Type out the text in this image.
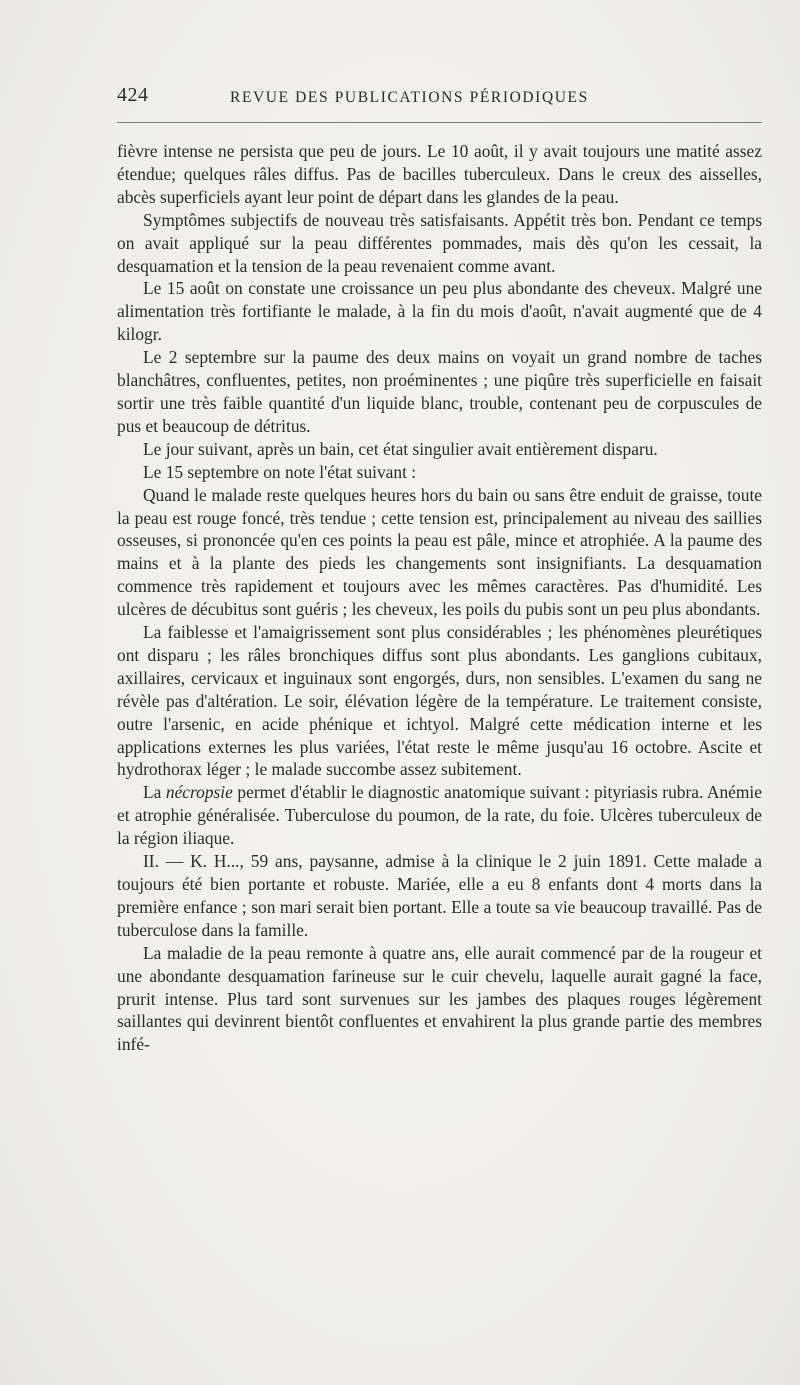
424	REVUE DES PUBLICATIONS PÉRIODIQUES

fièvre intense ne persista que peu de jours. Le 10 août, il y avait toujours une matité assez étendue; quelques râles diffus. Pas de bacilles tuberculeux. Dans le creux des aisselles, abcès superficiels ayant leur point de départ dans les glandes de la peau.

Symptômes subjectifs de nouveau très satisfaisants. Appétit très bon. Pendant ce temps on avait appliqué sur la peau différentes pommades, mais dès qu'on les cessait, la desquamation et la tension de la peau revenaient comme avant.

Le 15 août on constate une croissance un peu plus abondante des cheveux. Malgré une alimentation très fortifiante le malade, à la fin du mois d'août, n'avait augmenté que de 4 kilogr.

Le 2 septembre sur la paume des deux mains on voyait un grand nombre de taches blanchâtres, confluentes, petites, non proéminentes ; une piqûre très superficielle en faisait sortir une très faible quantité d'un liquide blanc, trouble, contenant peu de corpuscules de pus et beaucoup de détritus.

Le jour suivant, après un bain, cet état singulier avait entièrement disparu.

Le 15 septembre on note l'état suivant :

Quand le malade reste quelques heures hors du bain ou sans être enduit de graisse, toute la peau est rouge foncé, très tendue ; cette tension est, principalement au niveau des saillies osseuses, si prononcée qu'en ces points la peau est pâle, mince et atrophiée. A la paume des mains et à la plante des pieds les changements sont insignifiants. La desquamation commence très rapidement et toujours avec les mêmes caractères. Pas d'humidité. Les ulcères de décubitus sont guéris ; les cheveux, les poils du pubis sont un peu plus abondants.

La faiblesse et l'amaigrissement sont plus considérables ; les phénomènes pleurétiques ont disparu ; les râles bronchiques diffus sont plus abondants. Les ganglions cubitaux, axillaires, cervicaux et inguinaux sont engorgés, durs, non sensibles. L'examen du sang ne révèle pas d'altération. Le soir, élévation légère de la température. Le traitement consiste, outre l'arsenic, en acide phénique et ichtyol. Malgré cette médication interne et les applications externes les plus variées, l'état reste le même jusqu'au 16 octobre. Ascite et hydrothorax léger ; le malade succombe assez subitement.

La nécropsie permet d'établir le diagnostic anatomique suivant : pityriasis rubra. Anémie et atrophie généralisée. Tuberculose du poumon, de la rate, du foie. Ulcères tuberculeux de la région iliaque.

II. — K. H..., 59 ans, paysanne, admise à la clinique le 2 juin 1891. Cette malade a toujours été bien portante et robuste. Mariée, elle a eu 8 enfants dont 4 morts dans la première enfance ; son mari serait bien portant. Elle a toute sa vie beaucoup travaillé. Pas de tuberculose dans la famille.

La maladie de la peau remonte à quatre ans, elle aurait commencé par de la rougeur et une abondante desquamation farineuse sur le cuir chevelu, laquelle aurait gagné la face, prurit intense. Plus tard sont survenues sur les jambes des plaques rouges légèrement saillantes qui devinrent bientôt confluentes et envahirent la plus grande partie des membres infé-
